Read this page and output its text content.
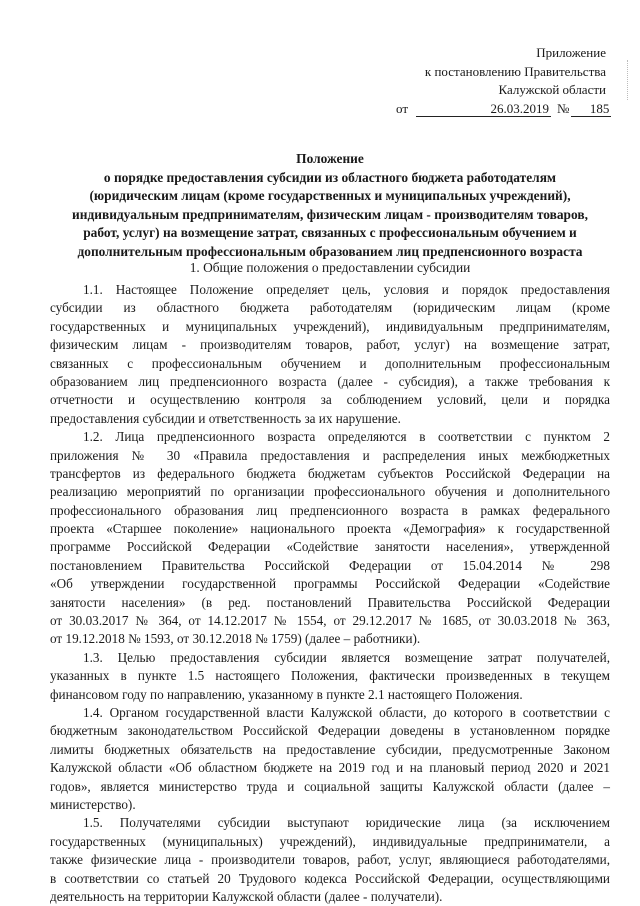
Приложение
к постановлению Правительства
Калужской области
от	26.03.2019 № 185
Положение
о порядке предоставления субсидии из областного бюджета работодателям
(юридическим лицам (кроме государственных и муниципальных учреждений),
индивидуальным предпринимателям, физическим лицам - производителям товаров,
работ, услуг) на возмещение затрат, связанных с профессиональным обучением и
дополнительным профессиональным образованием лиц предпенсионного возраста
1. Общие положения о предоставлении субсидии
1.1. Настоящее Положение определяет цель, условия и порядок предоставления
субсидии из областного бюджета работодателям (юридическим лицам (кроме
государственных и муниципальных учреждений), индивидуальным предпринимателям,
физическим лицам - производителям товаров, работ, услуг) на возмещение затрат,
связанных с профессиональным обучением и дополнительным профессиональным
образованием лиц предпенсионного возраста (далее - субсидия), а также требования к
отчетности и осуществлению контроля за соблюдением условий, цели и порядка
предоставления субсидии и ответственность за их нарушение.
1.2. Лица предпенсионного возраста определяются в соответствии с пунктом 2
приложения № 30 «Правила предоставления и распределения иных межбюджетных
трансфертов из федерального бюджета бюджетам субъектов Российской Федерации на
реализацию мероприятий по организации профессионального обучения и дополнительного
профессионального образования лиц предпенсионного возраста в рамках федерального
проекта «Старшее поколение» национального проекта «Демография» к государственной
программе Российской Федерации «Содействие занятости населения», утвержденной
постановлением Правительства Российской Федерации от 15.04.2014 № 298
«Об утверждении государственной программы Российской Федерации «Содействие
занятости населения» (в ред. постановлений Правительства Российской Федерации
от 30.03.2017 № 364, от 14.12.2017 № 1554, от 29.12.2017 № 1685, от 30.03.2018 № 363,
от 19.12.2018 № 1593, от 30.12.2018 № 1759) (далее – работники).
1.3. Целью предоставления субсидии является возмещение затрат получателей,
указанных в пункте 1.5 настоящего Положения, фактически произведенных в текущем
финансовом году по направлению, указанному в пункте 2.1 настоящего Положения.
1.4. Органом государственной власти Калужской области, до которого в соответствии с
бюджетным законодательством Российской Федерации доведены в установленном порядке
лимиты бюджетных обязательств на предоставление субсидии, предусмотренные Законом
Калужской области «Об областном бюджете на 2019 год и на плановый период 2020 и 2021
годов», является министерство труда и социальной защиты Калужской области (далее –
министерство).
1.5. Получателями субсидии выступают юридические лица (за исключением
государственных (муниципальных) учреждений), индивидуальные предприниматели, а
также физические лица - производители товаров, работ, услуг, являющиеся работодателями,
в соответствии со статьей 20 Трудового кодекса Российской Федерации, осуществляющими
деятельность на территории Калужской области (далее - получатели).
